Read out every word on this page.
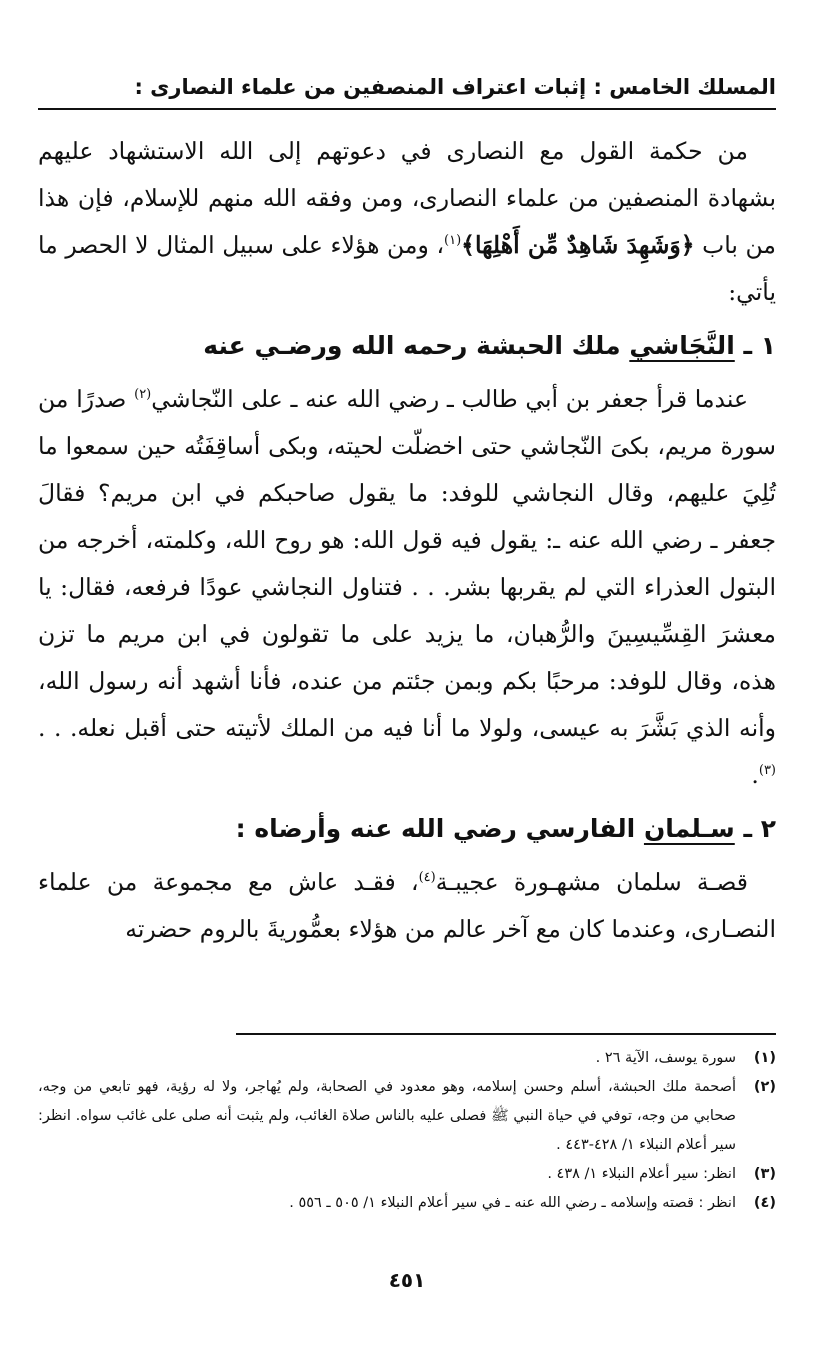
المسلك الخامس : إثبات اعتراف المنصفين من علماء النصارى :

من حكمة القول مع النصارى في دعوتهم إلى الله الاستشهاد عليهم بشهادة المنصفين من علماء النصارى، ومن وفقه الله منهم للإسلام، فإن هذا من باب ﴿وَشَهِدَ شَاهِدٌ مِّن أَهْلِهَا﴾$^{(١)}$، ومن هؤلاء على سبيل المثال لا الحصر ما يأتي:

١ ـ النَّجَاشي ملك الحبشة رحمه الله ورضـي عنه

عندما قرأ جعفر بن أبي طالب ـ رضي الله عنه ـ على النّجاشي$^{(٢)}$ صدرًا من سورة مريم، بكىَ النّجاشي حتى اخضلّت لحيته، وبكى أساقِفَتُه حين سمعوا ما تُلِيَ عليهم، وقال النجاشي للوفد: ما يقول صاحبكم في ابن مريم؟ فقالَ جعفر ـ رضي الله عنه ـ: يقول فيه قول الله: هو روح الله، وكلمته، أخرجه من البتول العذراء التي لم يقربها بشر. . . فتناول النجاشي عودًا فرفعه، فقال: يا معشرَ القِسِّيسِينَ والرُّهبان، ما يزيد على ما تقولون في ابن مريم ما تزن هذه، وقال للوفد: مرحبًا بكم وبمن جئتم من عنده، فأنا أشهد أنه رسول الله، وأنه الذي بَشَّرَ به عيسى، ولولا ما أنا فيه من الملك لأتيته حتى أقبل نعله. . .$^{(٣)}$.

٢ ـ سـلمان الفارسي رضي الله عنه وأرضاه :

قصـة سلمان مشهـورة عجيبـة$^{(٤)}$، فقـد عاش مع مجموعة من علماء النصـارى، وعندما كان مع آخر عالم من هؤلاء بعمُّوريةَ بالروم حضرته

(١)
سورة يوسف، الآية ٢٦ .
(٢)
أصحمة ملك الحبشة، أسلم وحسن إسلامه، وهو معدود في الصحابة، ولم يُهاجر، ولا له رؤية، فهو تابعي من وجه، صحابي من وجه، توفي في حياة النبي ﷺ فصلى عليه بالناس صلاة الغائب، ولم يثبت أنه صلى على غائب سواه. انظر: سير أعلام النبلاء ١/ ٤٢٨-٤٤٣ .
(٣)
انظر: سير أعلام النبلاء ١/ ٤٣٨ .
(٤)
انظر : قصته وإسلامه ـ رضي الله عنه ـ في سير أعلام النبلاء ١/ ٥٠٥ ـ ٥٥٦ .
٤٥١
